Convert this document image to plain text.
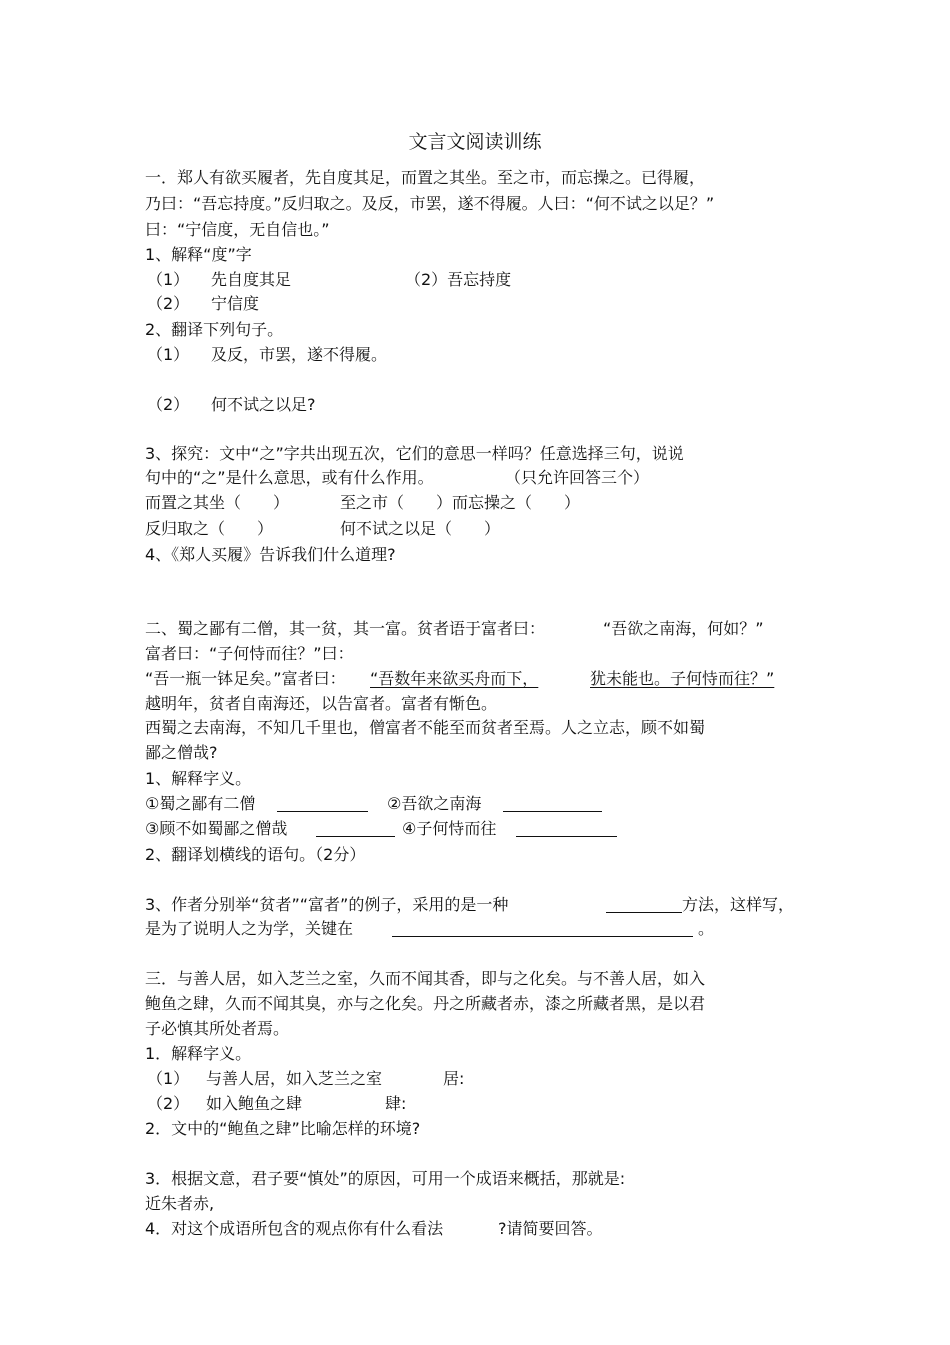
文言文阅读训练
一．郑人有欲买履者，先自度其足，而置之其坐。至之市，而忘操之。已得履，
乃曰：“吾忘持度。”反归取之。及反，市罢，遂不得履。人曰：“何不试之以足？”
曰：“宁信度，无自信也。”
1、解释“度”字
（1） 先自度其足	（2）吾忘持度
（2） 宁信度
2、翻译下列句子。
（1） 及反，市罢，遂不得履。
（2） 何不试之以足?
3、探究：文中“之”字共出现五次，它们的意思一样吗？任意选择三句，说说
句中的“之”是什么意思，或有什么作用。	（只允许回答三个）
而置之其坐（　　）	至之市（　　）而忘操之（　　）
反归取之（　　）	何不试之以足（　　）
4、《郑人买履》告诉我们什么道理?
二、蜀之鄙有二僧，其一贫，其一富。贫者语于富者曰：	“吾欲之南海，何如？”
富者曰：“子何恃而往？”曰：
“吾一瓶一钵足矣。”富者曰： “吾数年来欲买舟而下，	犹未能也。子何恃而往？”
越明年，贫者自南海还，以告富者。富者有惭色。
西蜀之去南海，不知几千里也，僧富者不能至而贫者至焉。人之立志，顾不如蜀
鄙之僧哉?
1、解释字义。
①蜀之鄙有二僧	②吾欲之南海
③顾不如蜀鄙之僧哉	④子何恃而往
2、翻译划横线的语句。（2分）
3、作者分别举“贫者”“富者”的例子，采用的是一种	方法，这样写，
是为了说明人之为学，关键在	。
三．与善人居，如入芝兰之室，久而不闻其香，即与之化矣。与不善人居，如入
鲍鱼之肆，久而不闻其臭，亦与之化矣。丹之所藏者赤，漆之所藏者黑，是以君
子必慎其所处者焉。
1．解释字义。
（1） 与善人居，如入芝兰之室	居:
（2） 如入鲍鱼之肆	肆:
2．文中的“鲍鱼之肆”比喻怎样的环境?
3．根据文意，君子要“慎处”的原因，可用一个成语来概括，那就是:
近朱者赤,
4．对这个成语所包含的观点你有什么看法	?请简要回答。
